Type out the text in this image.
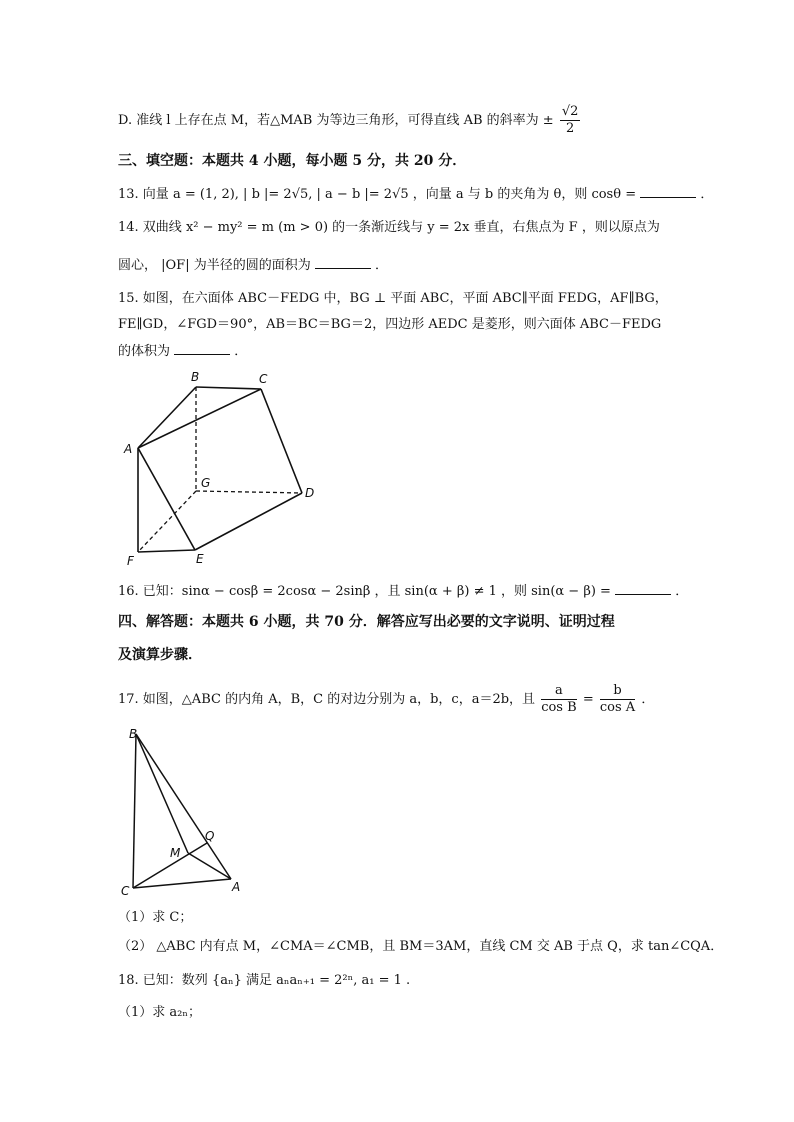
D. 准线 l 上存在点 M，若△MAB 为等边三角形，可得直线 AB 的斜率为 ± $\frac{√2}{2}$
三、填空题：本题共 4 小题，每小题 5 分，共 20 分．
13. 向量 a = (1, 2), | b |= 2√5, | a − b |= 2√5 ，向量 a 与 b 的夹角为 θ，则 cosθ =	．
14. 双曲线 x² − my² = m (m > 0) 的一条渐近线与 y = 2x 垂直，右焦点为 F ，则以原点为
圆心， |OF| 为半径的圆的面积为	．
15. 如图，在六面体 ABC－FEDG 中，BG ⊥ 平面 ABC，平面 ABC∥平面 FEDG，AF∥BG，
FE∥GD，∠FGD＝90°，AB＝BC＝BG＝2，四边形 AEDC 是菱形，则六面体 ABC－FEDG
的体积为	．
B	C
A
G
D
F	E
16. 已知：sinα − cosβ = 2cosα − 2sinβ ，且 sin(α + β) ≠ 1 ，则 sin(α − β) =	．
四、解答题：本题共 6 小题，共 70 分．解答应写出必要的文字说明、证明过程
及演算步骤．
17. 如图，△ABC 的内角 A，B，C 的对边分别为 a，b，c，a＝2b，且 $\frac{a}{\text{cos B}} = \frac{b}{\text{cos A}}$ ．
B
Q
M
C	A
（1）求 C；
（2） △ABC 内有点 M，∠CMA＝∠CMB，且 BM＝3AM，直线 CM 交 AB 于点 Q，求 tan∠CQA．
18. 已知：数列 {aₙ} 满足 aₙaₙ₊₁ = 2²ⁿ, a₁ = 1 .
（1）求 a₂ₙ；
